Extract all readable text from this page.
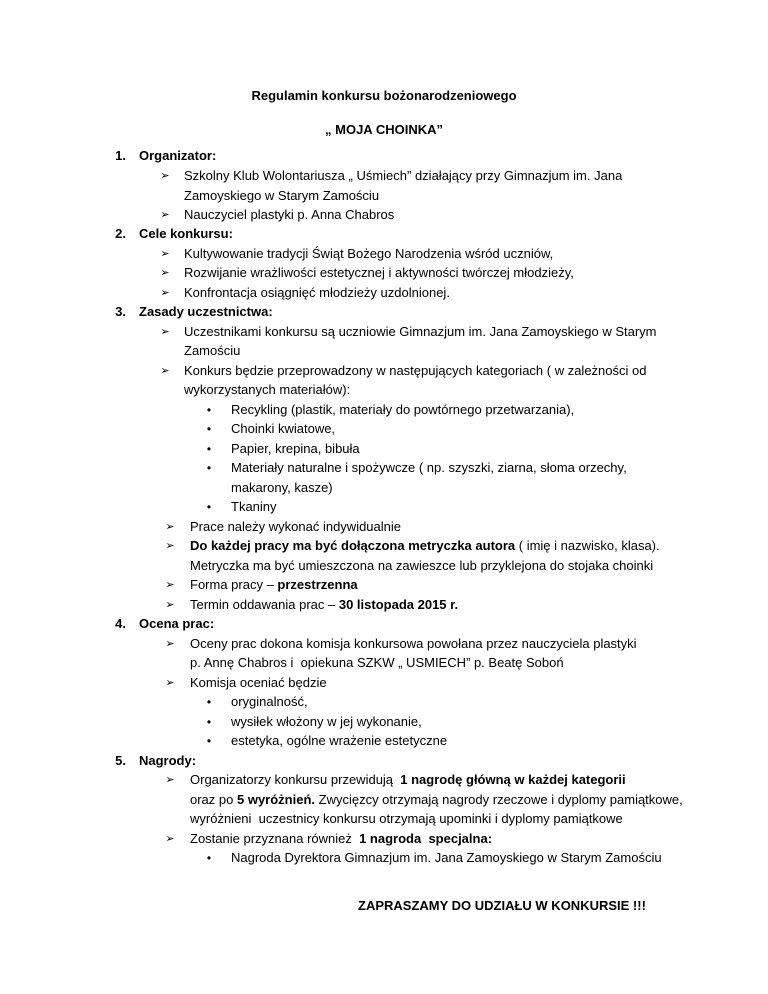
Regulamin konkursu bożonarodzeniowego
„ MOJA CHOINKA”
1. Organizator:
➢ Szkolny Klub Wolontariusza „ Uśmiech” działający przy Gimnazjum im. Jana
Zamoyskiego w Starym Zamościu
➢ Nauczyciel plastyki p. Anna Chabros
2. Cele konkursu:
➢ Kultywowanie tradycji Świąt Bożego Narodzenia wśród uczniów,
➢ Rozwijanie wrażliwości estetycznej i aktywności twórczej młodzieży,
➢ Konfrontacja osiągnięć młodzieży uzdolnionej.
3. Zasady uczestnictwa:
➢ Uczestnikami konkursu są uczniowie Gimnazjum im. Jana Zamoyskiego w Starym
Zamościu
➢ Konkurs będzie przeprowadzony w następujących kategoriach ( w zależności od
wykorzystanych materiałów):
• Recykling (plastik, materiały do powtórnego przetwarzania),
• Choinki kwiatowe,
• Papier, krepina, bibuła
• Materiały naturalne i spożywcze ( np. szyszki, ziarna, słoma orzechy,
makarony, kasze)
• Tkaniny
➢ Prace należy wykonać indywidualnie
➢ Do każdej pracy ma być dołączona metryczka autora ( imię i nazwisko, klasa).
Metryczka ma być umieszczona na zawieszce lub przyklejona do stojaka choinki
➢ Forma pracy – przestrzenna
➢ Termin oddawania prac – 30 listopada 2015 r.
4. Ocena prac:
➢ Oceny prac dokona komisja konkursowa powołana przez nauczyciela plastyki
p. Annę Chabros i  opiekuna SZKW „ USMIECH” p. Beatę Soboń
➢ Komisja oceniać będzie
• oryginalność,
• wysiłek włożony w jej wykonanie,
• estetyka, ogólne wrażenie estetyczne
5. Nagrody:
➢ Organizatorzy konkursu przewidują  1 nagrodę główną w każdej kategorii
oraz po 5 wyróżnień. Zwycięzcy otrzymają nagrody rzeczowe i dyplomy pamiątkowe,
wyróżnieni  uczestnicy konkursu otrzymają upominki i dyplomy pamiątkowe
➢ Zostanie przyznana również  1 nagroda  specjalna:
• Nagroda Dyrektora Gimnazjum im. Jana Zamoyskiego w Starym Zamościu
ZAPRASZAMY DO UDZIAŁU W KONKURSIE !!!
